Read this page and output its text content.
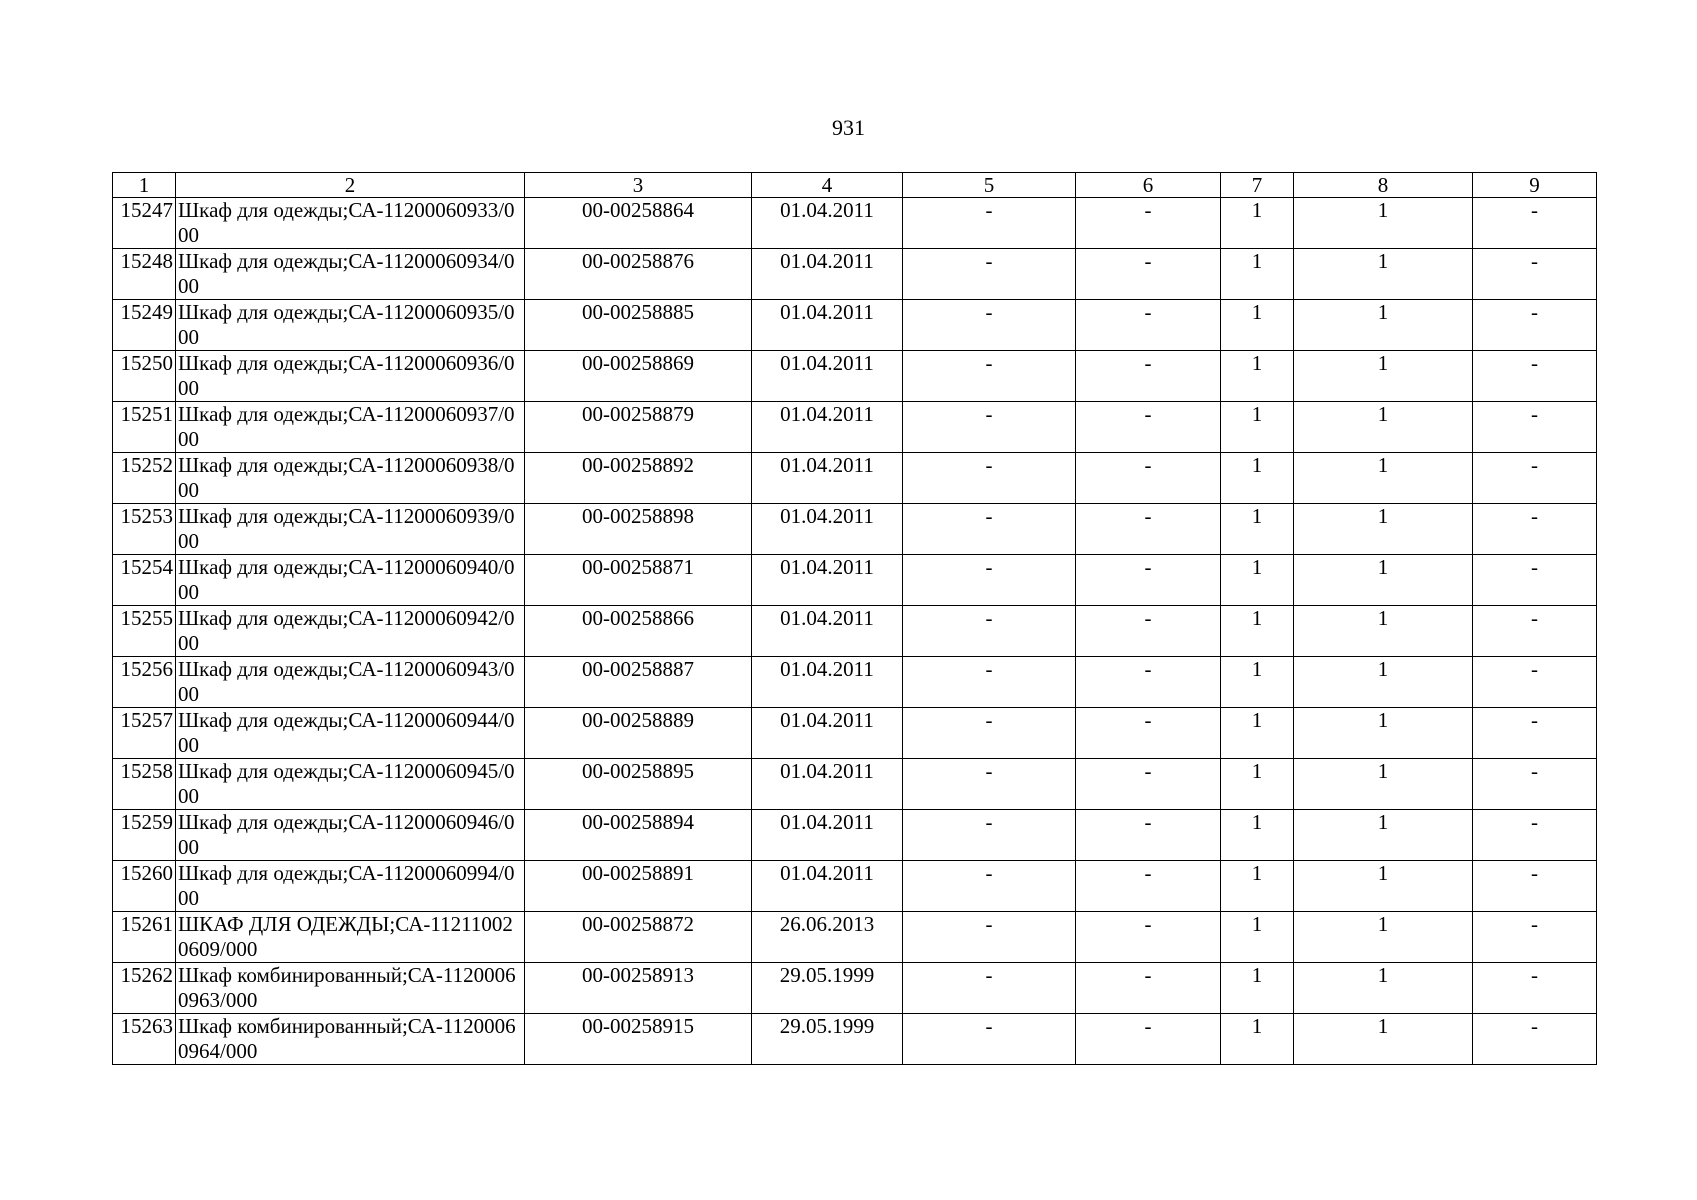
931
1	2	3	4	5	6	7	8	9
15247	Шкаф для одежды;СА-11200060933/000	00-00258864	01.04.2011	-	-	1	1	-
15248	Шкаф для одежды;СА-11200060934/000	00-00258876	01.04.2011	-	-	1	1	-
15249	Шкаф для одежды;СА-11200060935/000	00-00258885	01.04.2011	-	-	1	1	-
15250	Шкаф для одежды;СА-11200060936/000	00-00258869	01.04.2011	-	-	1	1	-
15251	Шкаф для одежды;СА-11200060937/000	00-00258879	01.04.2011	-	-	1	1	-
15252	Шкаф для одежды;СА-11200060938/000	00-00258892	01.04.2011	-	-	1	1	-
15253	Шкаф для одежды;СА-11200060939/000	00-00258898	01.04.2011	-	-	1	1	-
15254	Шкаф для одежды;СА-11200060940/000	00-00258871	01.04.2011	-	-	1	1	-
15255	Шкаф для одежды;СА-11200060942/000	00-00258866	01.04.2011	-	-	1	1	-
15256	Шкаф для одежды;СА-11200060943/000	00-00258887	01.04.2011	-	-	1	1	-
15257	Шкаф для одежды;СА-11200060944/000	00-00258889	01.04.2011	-	-	1	1	-
15258	Шкаф для одежды;СА-11200060945/000	00-00258895	01.04.2011	-	-	1	1	-
15259	Шкаф для одежды;СА-11200060946/000	00-00258894	01.04.2011	-	-	1	1	-
15260	Шкаф для одежды;СА-11200060994/000	00-00258891	01.04.2011	-	-	1	1	-
15261	ШКАФ ДЛЯ ОДЕЖДЫ;СА-112110020609/000	00-00258872	26.06.2013	-	-	1	1	-
15262	Шкаф комбинированный;СА-11200060963/000	00-00258913	29.05.1999	-	-	1	1	-
15263	Шкаф комбинированный;СА-11200060964/000	00-00258915	29.05.1999	-	-	1	1	-
